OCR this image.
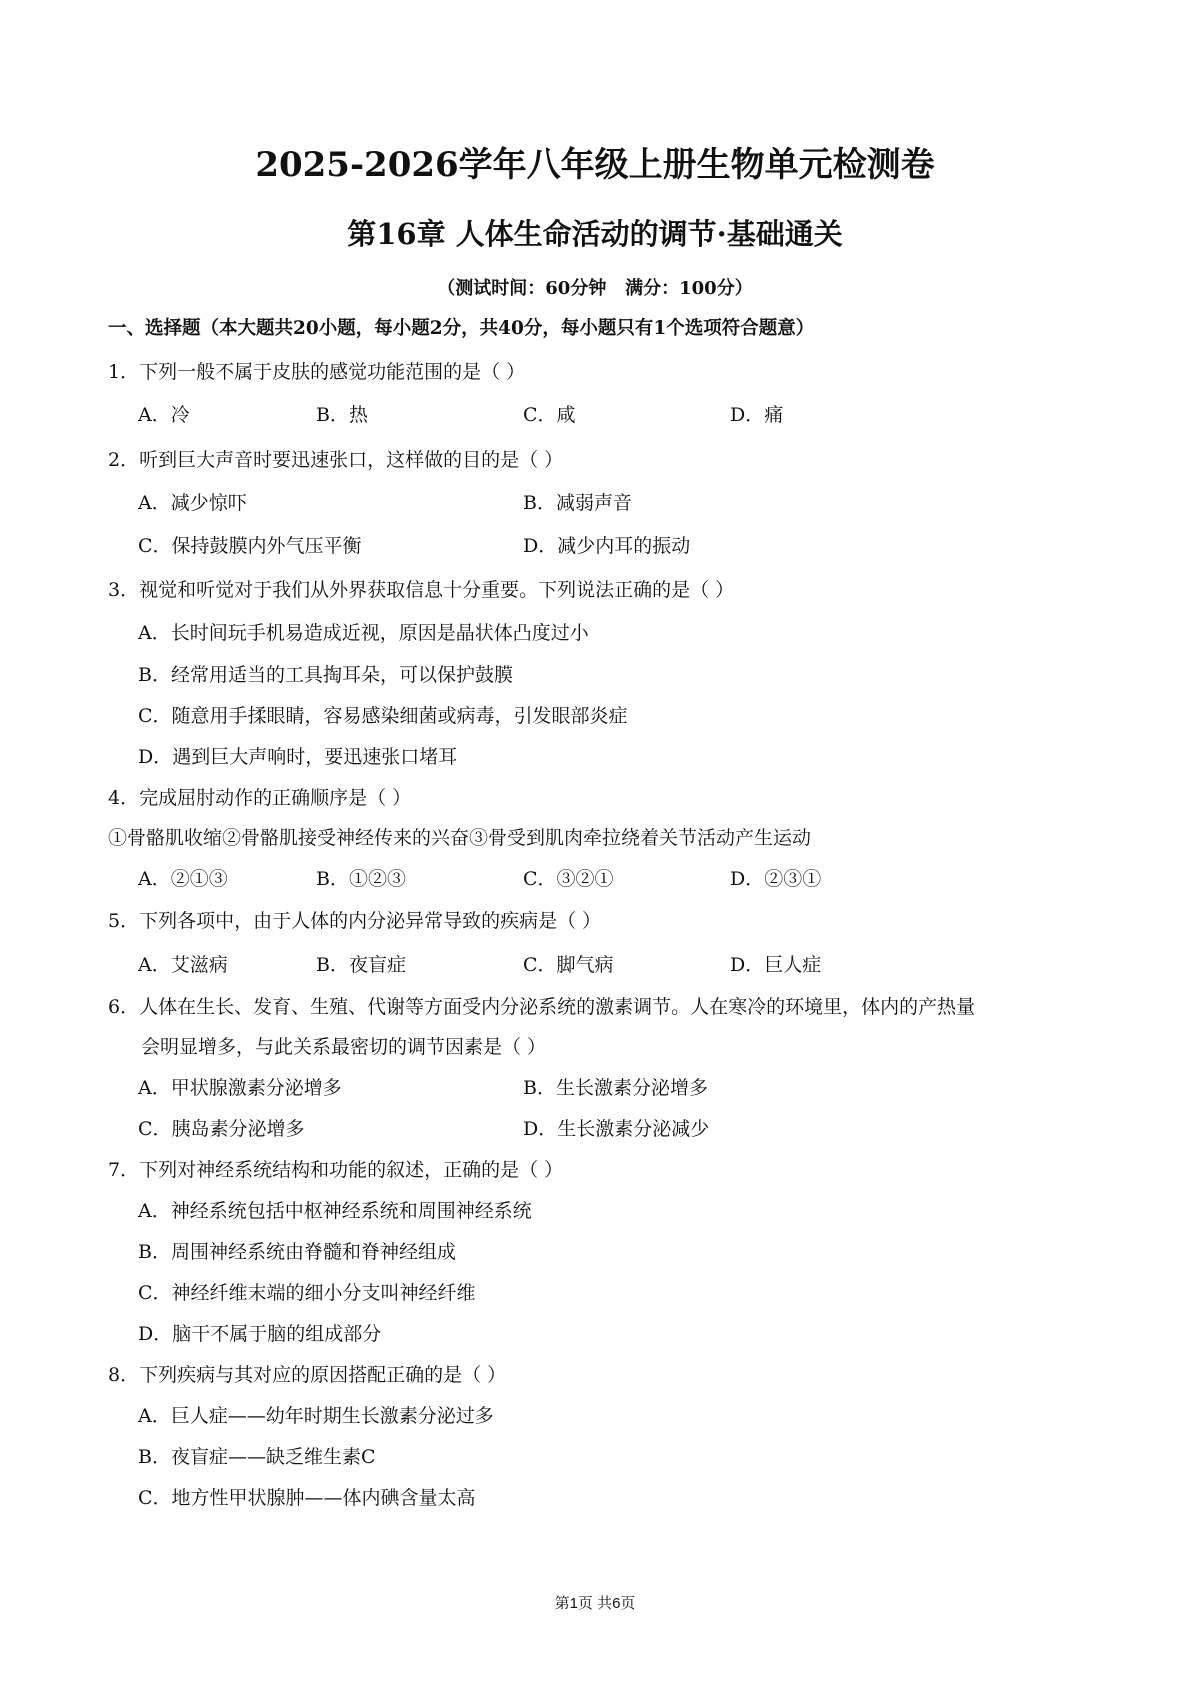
2025-2026学年八年级上册生物单元检测卷
第16章 人体生命活动的调节·基础通关
（测试时间：60分钟   满分：100分）
一、选择题（本大题共20小题，每小题2分，共40分，每小题只有1个选项符合题意）
1．下列一般不属于皮肤的感觉功能范围的是（ ）
A．冷	B．热	C．咸	D．痛
2．听到巨大声音时要迅速张口，这样做的目的是（ ）
A．减少惊吓	B．减弱声音
C．保持鼓膜内外气压平衡	D．减少内耳的振动
3．视觉和听觉对于我们从外界获取信息十分重要。下列说法正确的是（ ）
A．长时间玩手机易造成近视，原因是晶状体凸度过小
B．经常用适当的工具掏耳朵，可以保护鼓膜
C．随意用手揉眼睛，容易感染细菌或病毒，引发眼部炎症
D．遇到巨大声响时，要迅速张口堵耳
4．完成屈肘动作的正确顺序是（ ）
①骨骼肌收缩②骨骼肌接受神经传来的兴奋③骨受到肌肉牵拉绕着关节活动产生运动
A．②①③	B．①②③	C．③②①	D．②③①
5．下列各项中，由于人体的内分泌异常导致的疾病是（ ）
A．艾滋病	B．夜盲症	C．脚气病	D．巨人症
6．人体在生长、发育、生殖、代谢等方面受内分泌系统的激素调节。人在寒冷的环境里，体内的产热量
会明显增多，与此关系最密切的调节因素是（ ）
A．甲状腺激素分泌增多	B．生长激素分泌增多
C．胰岛素分泌增多	D．生长激素分泌减少
7．下列对神经系统结构和功能的叙述，正确的是（ ）
A．神经系统包括中枢神经系统和周围神经系统
B．周围神经系统由脊髓和脊神经组成
C．神经纤维末端的细小分支叫神经纤维
D．脑干不属于脑的组成部分
8．下列疾病与其对应的原因搭配正确的是（ ）
A．巨人症——幼年时期生长激素分泌过多
B．夜盲症——缺乏维生素C
C．地方性甲状腺肿——体内碘含量太高
第1页 共6页
